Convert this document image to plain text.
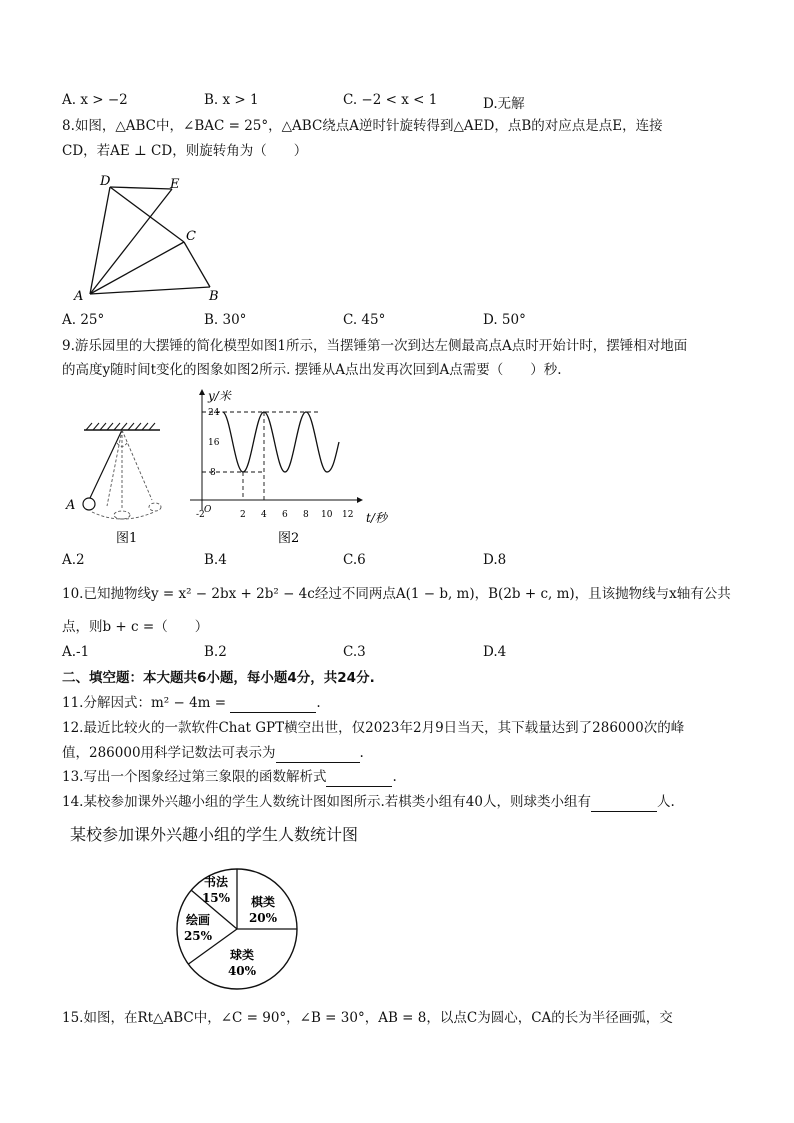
A. x > −2	B. x > 1	C. −2 < x < 1	D.无解
8.如图，△ABC中，∠BAC = 25°，△ABC绕点A逆时针旋转得到△AED，点B的对应点是点E，连接
CD，若AE ⊥ CD，则旋转角为（　　）
D	E
C
A	B
A. 25°	B. 30°	C. 45°	D. 50°
9.游乐园里的大摆锤的简化模型如图1所示，当摆锤第一次到达左侧最高点A点时开始计时，摆锤相对地面
的高度y随时间t变化的图象如图2所示. 摆锤从A点出发再次回到A点需要（　　）秒.
A
图1
y/米
t/秒
O
24
16
8
-2	2 4 6 8 10 12
图2
A.2	B.4	C.6	D.8
10.已知抛物线y = x² − 2bx + 2b² − 4c经过不同两点A(1 − b, m)，B(2b + c, m)，且该抛物线与x轴有公共
点，则b + c =（　　）
A.-1	B.2	C.3	D.4
二、填空题：本大题共6小题，每小题4分，共24分.
11.分解因式：m² − 4m =	.
12.最近比较火的一款软件Chat GPT横空出世，仅2023年2月9日当天，其下载量达到了286000次的峰
值，286000用科学记数法可表示为	.
13.写出一个图象经过第三象限的函数解析式	.
14.某校参加课外兴趣小组的学生人数统计图如图所示.若棋类小组有40人，则球类小组有	人.
某校参加课外兴趣小组的学生人数统计图
书法
15% 棋类
20%
绘画
25%
球类
40%
15.如图，在Rt△ABC中，∠C = 90°，∠B = 30°，AB = 8，以点C为圆心，CA的长为半径画弧，交
